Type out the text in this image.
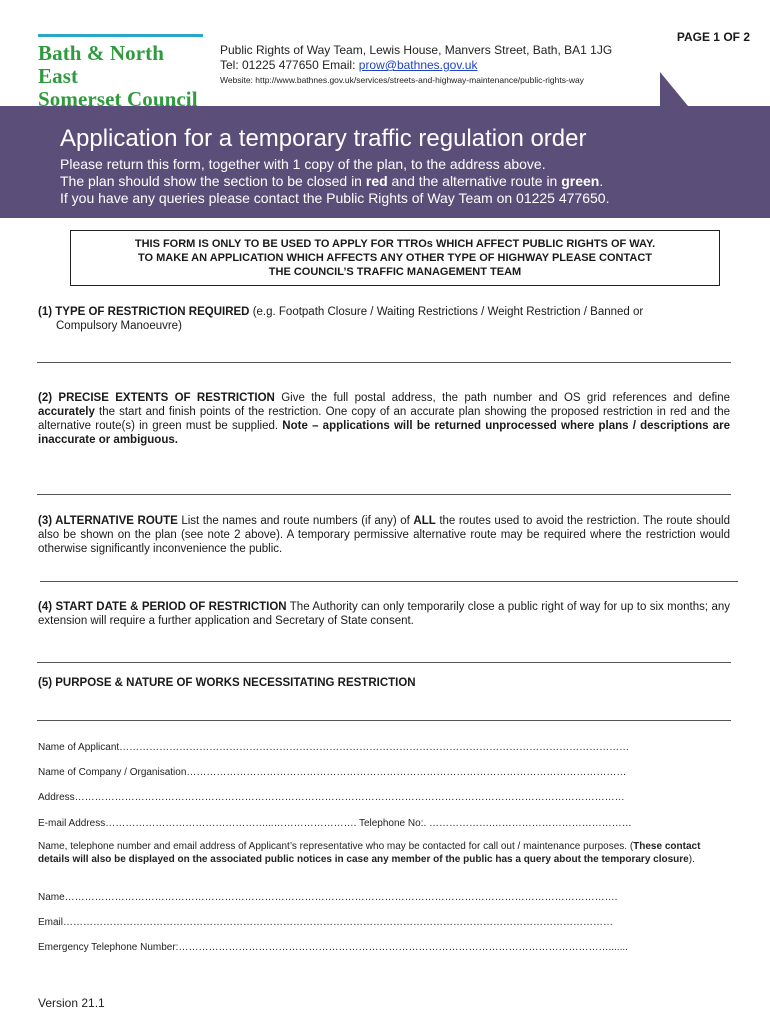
Bath & North East
Somerset Council
Public Rights of Way Team, Lewis House, Manvers Street, Bath, BA1 1JG
Tel: 01225 477650 Email: prow@bathnes.gov.uk
Website: http://www.bathnes.gov.uk/services/streets-and-highway-maintenance/public-rights-way
PAGE 1 OF 2
Application for a temporary traffic regulation order
Please return this form, together with 1 copy of the plan, to the address above.
The plan should show the section to be closed in red and the alternative route in green.
If you have any queries please contact the Public Rights of Way Team on 01225 477650.
THIS FORM IS ONLY TO BE USED TO APPLY FOR TTROs WHICH AFFECT PUBLIC RIGHTS OF WAY.
TO MAKE AN APPLICATION WHICH AFFECTS ANY OTHER TYPE OF HIGHWAY PLEASE CONTACT
THE COUNCIL’S TRAFFIC MANAGEMENT TEAM
(1) TYPE OF RESTRICTION REQUIRED (e.g. Footpath Closure / Waiting Restrictions / Weight Restriction / Banned or
Compulsory Manoeuvre)
(2) PRECISE EXTENTS OF RESTRICTION Give the full postal address, the path number and OS grid references and define accurately the start and finish points of the restriction. One copy of an accurate plan showing the proposed restriction in red and the alternative route(s) in green must be supplied. Note – applications will be returned unprocessed where plans / descriptions are inaccurate or ambiguous.
(3) ALTERNATIVE ROUTE List the names and route numbers (if any) of ALL the routes used to avoid the restriction. The route should also be shown on the plan (see note 2 above). A temporary permissive alternative route may be required where the restriction would otherwise significantly inconvenience the public.
(4) START DATE & PERIOD OF RESTRICTION The Authority can only temporarily close a public right of way for up to six months; any extension will require a further application and Secretary of State consent.
(5) PURPOSE & NATURE OF WORKS NECESSITATING RESTRICTION
Name of Applicant………………………………………………………………………………………………………………………………………
Name of Company / Organisation……………………………………………………………………………………………………………………
Address…………………………………………………………………………………………………………………………………………………
E-mail Address…………………………………………...……………………. Telephone No:. ……………….……………………………………
Name, telephone number and email address of Applicant’s representative who may be contacted for call out / maintenance purposes. (These contact details will also be displayed on the associated public notices in case any member of the public has a query about the temporary closure).
Name………………………………………………………………………………………………………………………………………………….
Email…………………………………………………………………………………………………………………………………………………
Emergency Telephone Number:………………………………………………………………………………………………………………….......
Version 21.1
